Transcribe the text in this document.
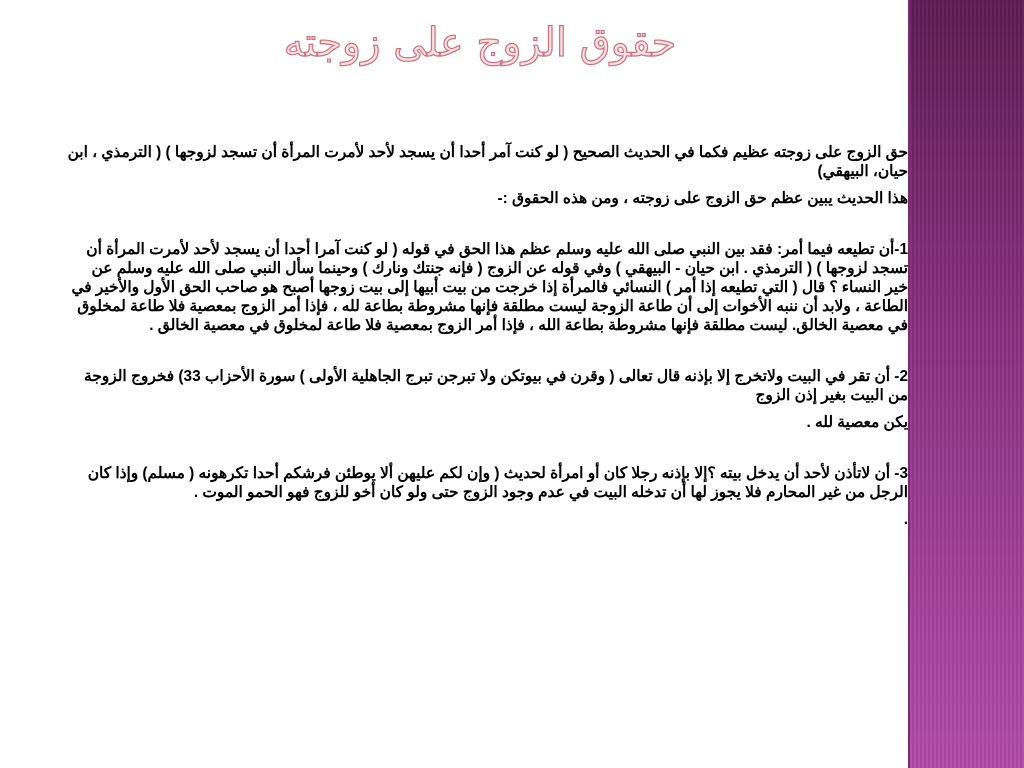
حقوق الزوج على زوجته

حق الزوج على زوجته عظيم فكما في الحديث الصحيح ( لو كنت آمر أحدا أن يسجد لأحد لأمرت المرأة أن تسجد لزوجها ) ( الترمذي ، ابن حيان، البيهقي)

هذا الحديث يبين عظم حق الزوج على زوجته ، ومن هذه الحقوق :-

1-أن تطيعه فيما أمر: فقد بين النبي صلى الله عليه وسلم عظم هذا الحق في قوله ( لو كنت آمرا أحدا أن يسجد لأحد لأمرت المرأة أن تسجد لزوجها ) ( الترمذي . ابن حيان - البيهقي ) وفي قوله عن الزوج ( فإنه جنتك ونارك ) وحينما سأل النبي صلى الله عليه وسلم عن خير النساء ؟ قال ( التي تطيعه إذا أمر ) النسائي فالمرأة إذا خرجت من بيت أبيها إلى بيت زوجها أصبح هو صاحب الحق الأول والأخير في الطاعة ، ولابد أن ننبه الأخوات إلى أن طاعة الزوجة ليست مطلقة فإنها مشروطة بطاعة لله ، فإذا أمر الزوج بمعصية فلا طاعة لمخلوق في معصية الخالق. ليست مطلقة فإنها مشروطة بطاعة الله ، فإذا أمر الزوج بمعصية فلا طاعة لمخلوق في معصية الخالق .

2- أن تقر في البيت ولاتخرج إلا بإذنه قال تعالى ( وقرن في بيوتكن ولا تبرجن تبرج الجاهلية الأولى ) سورة الأحزاب 33) فخروج الزوجة من البيت بغير إذن الزوج

يكن معصية لله .

3- أن لاتأذن لأحد أن يدخل بيته ؟إلا بإذنه رجلا كان أو امرأة لحديث ( وإن لكم عليهن ألا يوطئن فرشكم أحدا تكرهونه ( مسلم) وإذا كان الرجل من غير المحارم فلا يجوز لها أن تدخله البيت في عدم وجود الزوج حتى ولو كان أخو للزوج فهو الحمو الموت .

.
